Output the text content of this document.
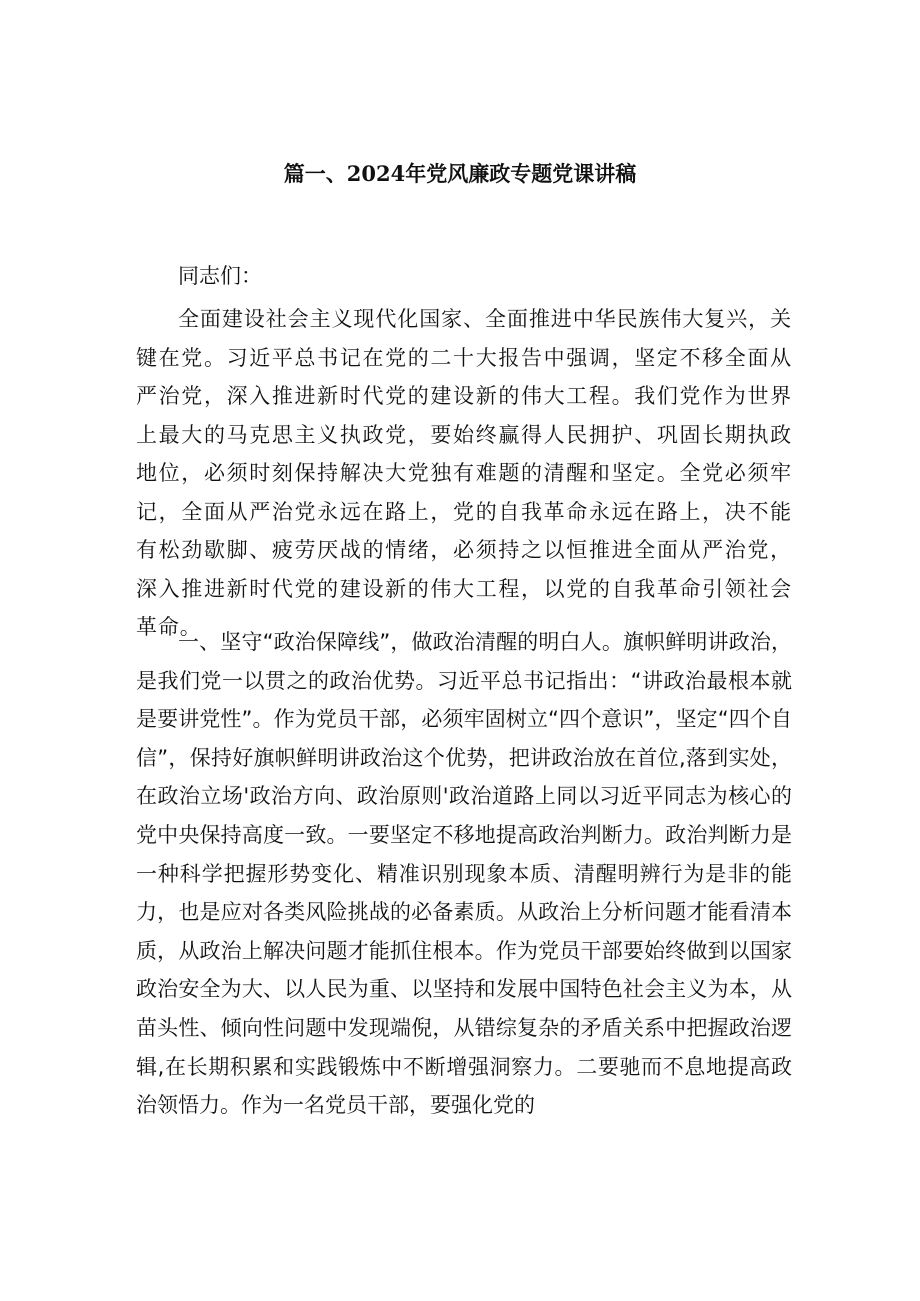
篇一、2024年党风廉政专题党课讲稿
同志们：

全面建设社会主义现代化国家、全面推进中华民族伟大复兴，关键在党。习近平总书记在党的二十大报告中强调，坚定不移全面从严治党，深入推进新时代党的建设新的伟大工程。我们党作为世界上最大的马克思主义执政党，要始终赢得人民拥护、巩固长期执政地位，必须时刻保持解决大党独有难题的清醒和坚定。全党必须牢记，全面从严治党永远在路上，党的自我革命永远在路上，决不能有松劲歇脚、疲劳厌战的情绪，必须持之以恒推进全面从严治党，深入推进新时代党的建设新的伟大工程，以党的自我革命引领社会革命。

一、坚守“政治保障线”，做政治清醒的明白人。旗帜鲜明讲政治，是我们党一以贯之的政治优势。习近平总书记指出：“讲政治最根本就是要讲党性”。作为党员干部，必须牢固树立“四个意识”，坚定“四个自信”，保持好旗帜鲜明讲政治这个优势，把讲政治放在首位,落到实处，在政治立场'政治方向、政治原则'政治道路上同以习近平同志为核心的党中央保持高度一致。一要坚定不移地提高政治判断力。政治判断力是一种科学把握形势变化、精准识别现象本质、清醒明辨行为是非的能力，也是应对各类风险挑战的必备素质。从政治上分析问题才能看清本质，从政治上解决问题才能抓住根本。作为党员干部要始终做到以国家政治安全为大、以人民为重、以坚持和发展中国特色社会主义为本，从苗头性、倾向性问题中发现端倪，从错综复杂的矛盾关系中把握政治逻辑,在长期积累和实践锻炼中不断增强洞察力。二要驰而不息地提高政治领悟力。作为一名党员干部，要强化党的
